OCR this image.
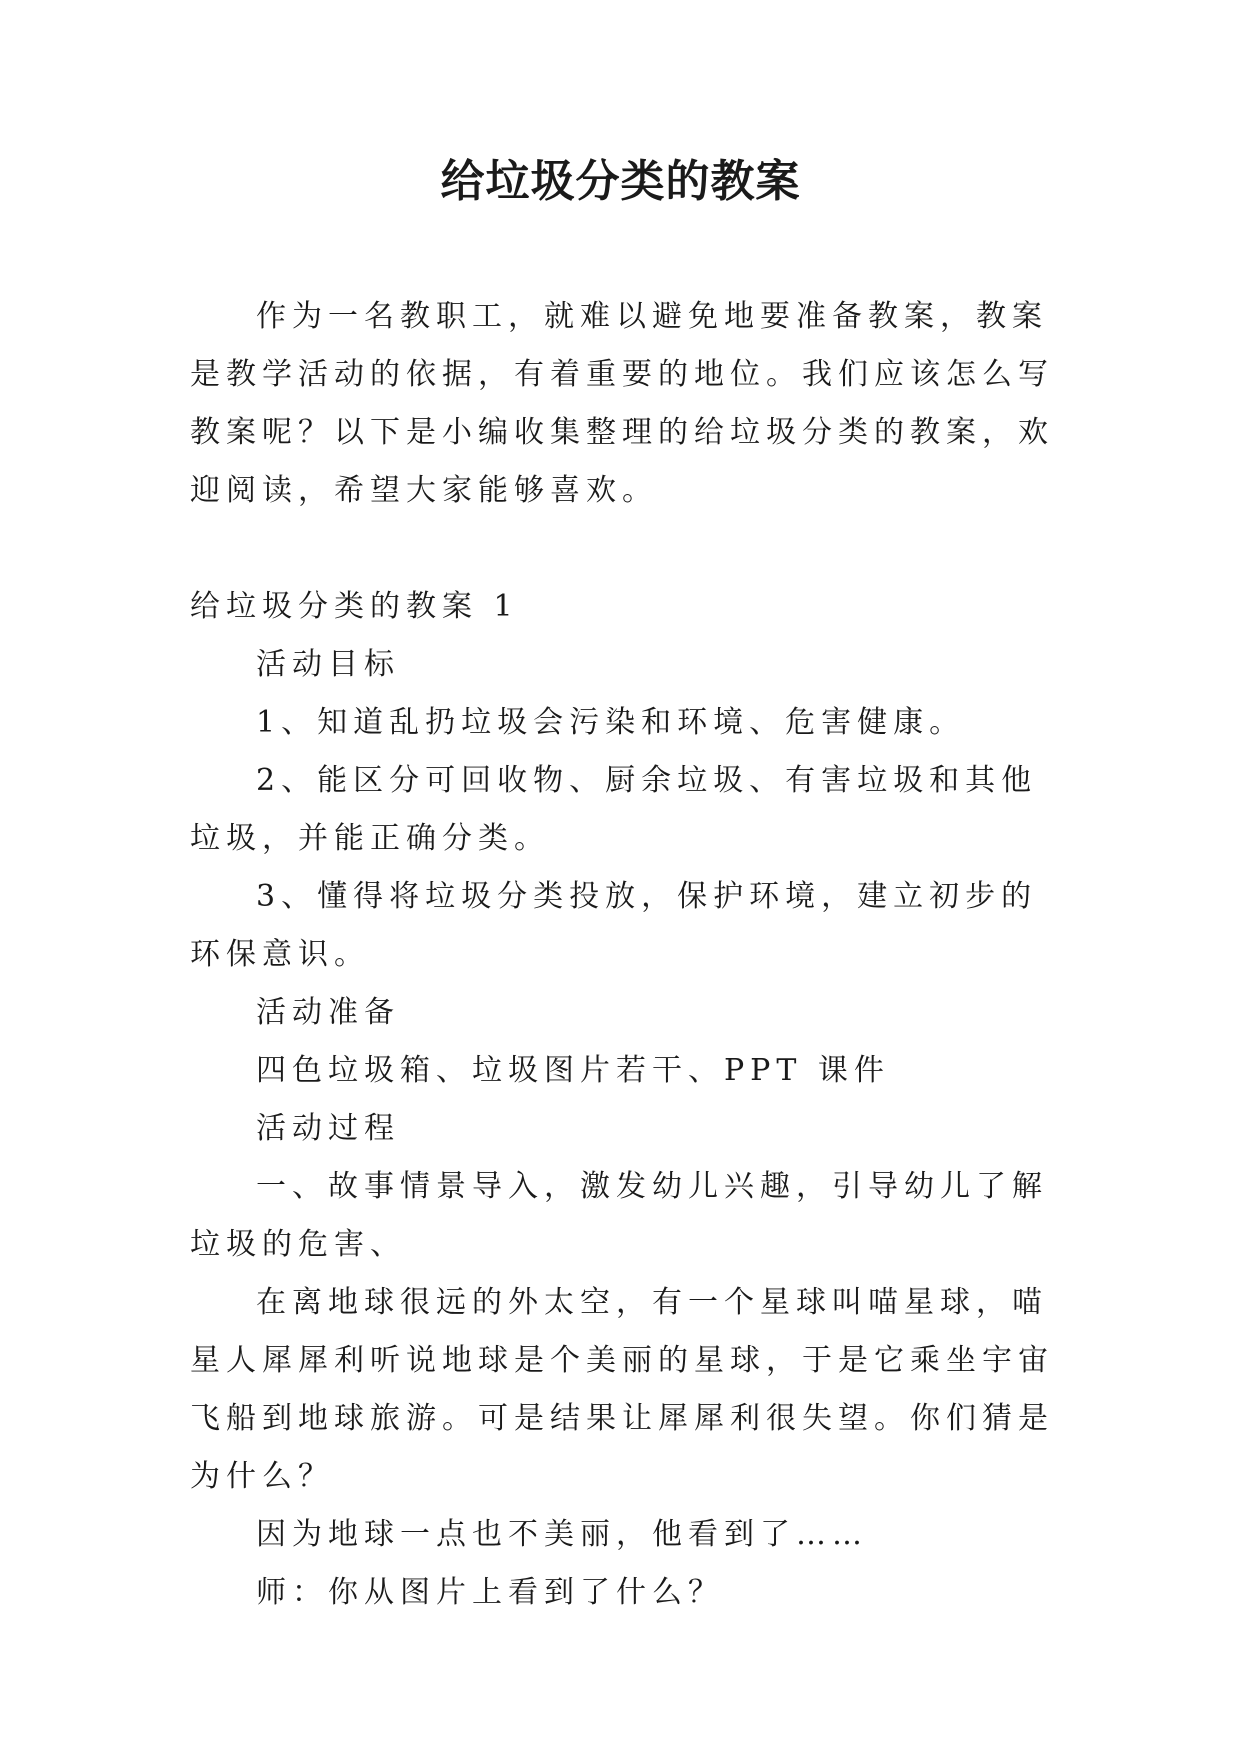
给垃圾分类的教案

作为一名教职工，就难以避免地要准备教案，教案是教学活动的依据，有着重要的地位。我们应该怎么写教案呢？以下是小编收集整理的给垃圾分类的教案，欢迎阅读，希望大家能够喜欢。

给垃圾分类的教案 1

活动目标

1、知道乱扔垃圾会污染和环境、危害健康。

2、能区分可回收物、厨余垃圾、有害垃圾和其他垃圾，并能正确分类。

3、懂得将垃圾分类投放，保护环境，建立初步的环保意识。

活动准备

四色垃圾箱、垃圾图片若干、PPT 课件

活动过程

一、故事情景导入，激发幼儿兴趣，引导幼儿了解垃圾的危害、

在离地球很远的外太空，有一个星球叫喵星球，喵星人犀犀利听说地球是个美丽的星球，于是它乘坐宇宙飞船到地球旅游。可是结果让犀犀利很失望。你们猜是为什么？

因为地球一点也不美丽，他看到了……

师：你从图片上看到了什么？
